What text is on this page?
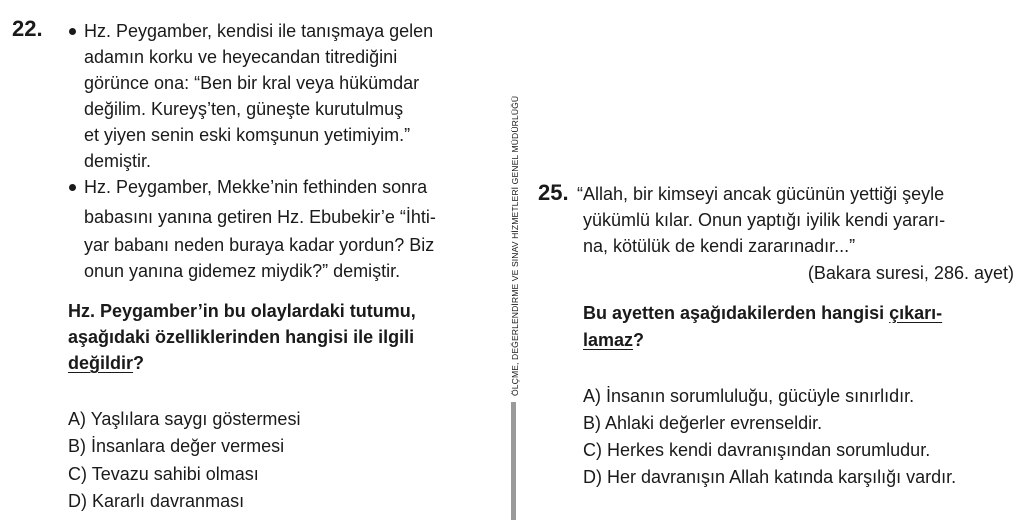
22. Hz. Peygamber, kendisi ile tanışmaya gelen
adamın korku ve heyecandan titrediğini
görünce ona: “Ben bir kral veya hükümdar
değilim. Kureyş’ten, güneşte kurutulmuş
et yiyen senin eski komşunun yetimiyim.”
demiştir.
Hz. Peygamber, Mekke’nin fethinden sonra
babasını yanına getiren Hz. Ebubekir’e “İhti-
yar babanı neden buraya kadar yordun? Biz
onun yanına gidemez miydik?” demiştir.
Hz. Peygamber’in bu olaylardaki tutumu,
aşağıdaki özelliklerinden hangisi ile ilgili
değildir?
A) Yaşlılara saygı göstermesi
B) İnsanlara değer vermesi
C) Tevazu sahibi olması
D) Kararlı davranması
ÖLÇME, DEĞERLENDİRME VE SINAV HİZMETLERİ GENEL MÜDÜRLÜĞÜ 25. “Allah, bir kimseyi ancak gücünün yettiği şeyle
yükümlü kılar. Onun yaptığı iyilik kendi yararı-
na, kötülük de kendi zararınadır...”
(Bakara suresi, 286. ayet)
Bu ayetten aşağıdakilerden hangisi çıkarı-
lamaz?
A) İnsanın sorumluluğu, gücüyle sınırlıdır.
B) Ahlaki değerler evrenseldir.
C) Herkes kendi davranışından sorumludur.
D) Her davranışın Allah katında karşılığı vardır.
